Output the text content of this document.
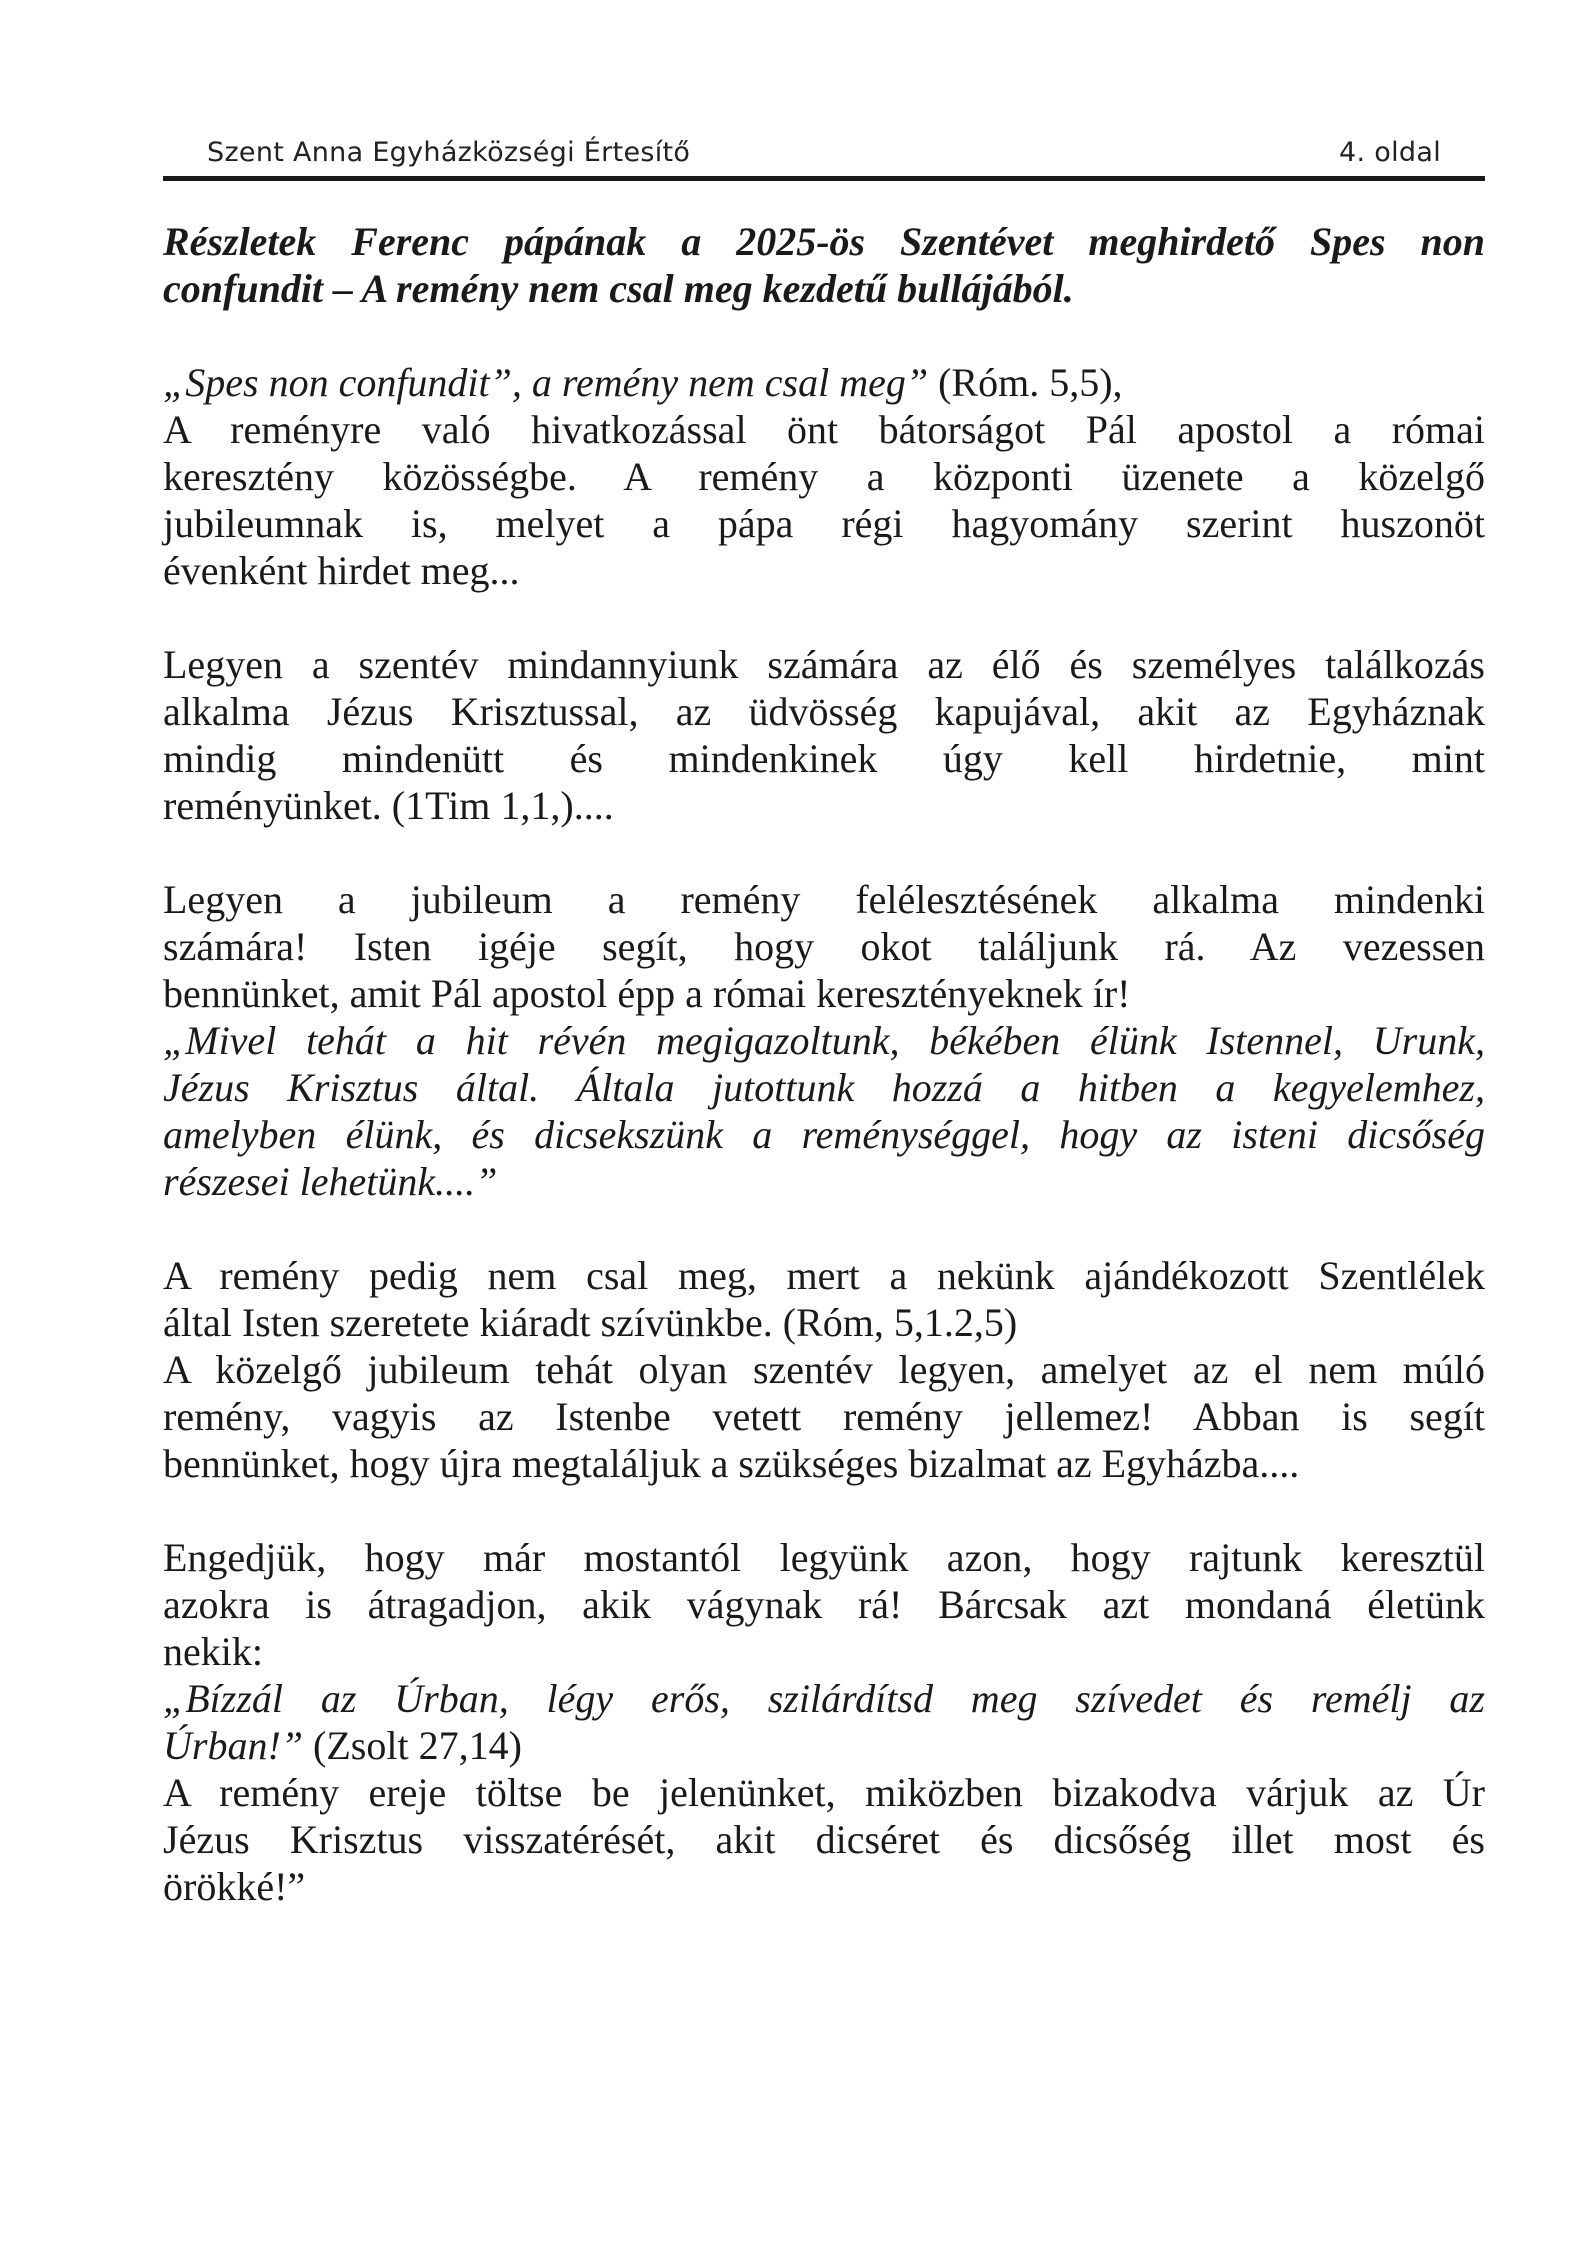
Szent Anna Egyházközségi Értesítő	4. oldal
Részletek Ferenc pápának a 2025-ös Szentévet meghirdető Spes non
confundit – A remény nem csal meg kezdetű bullájából.
„Spes non confundit”, a remény nem csal meg” (Róm. 5,5),
A reményre való hivatkozással önt bátorságot Pál apostol a római
keresztény közösségbe. A remény a központi üzenete a közelgő
jubileumnak is, melyet a pápa régi hagyomány szerint huszonöt
évenként hirdet meg...
Legyen a szentév mindannyiunk számára az élő és személyes találkozás
alkalma Jézus Krisztussal, az üdvösség kapujával, akit az Egyháznak
mindig mindenütt és mindenkinek úgy kell hirdetnie, mint
reményünket. (1Tim 1,1,)....
Legyen a jubileum a remény felélesztésének alkalma mindenki
számára! Isten igéje segít, hogy okot találjunk rá. Az vezessen
bennünket, amit Pál apostol épp a római keresztényeknek ír!
„Mivel tehát a hit révén megigazoltunk, békében élünk Istennel, Urunk,
Jézus Krisztus által. Általa jutottunk hozzá a hitben a kegyelemhez,
amelyben élünk, és dicsekszünk a reménységgel, hogy az isteni dicsőség
részesei lehetünk....”
A remény pedig nem csal meg, mert a nekünk ajándékozott Szentlélek
által Isten szeretete kiáradt szívünkbe. (Róm, 5,1.2,5)
A közelgő jubileum tehát olyan szentév legyen, amelyet az el nem múló
remény, vagyis az Istenbe vetett remény jellemez! Abban is segít
bennünket, hogy újra megtaláljuk a szükséges bizalmat az Egyházba....
Engedjük, hogy már mostantól legyünk azon, hogy rajtunk keresztül
azokra is átragadjon, akik vágynak rá! Bárcsak azt mondaná életünk
nekik:
„Bízzál az Úrban, légy erős, szilárdítsd meg szívedet és remélj az
Úrban!” (Zsolt 27,14)
A remény ereje töltse be jelenünket, miközben bizakodva várjuk az Úr
Jézus Krisztus visszatérését, akit dicséret és dicsőség illet most és
örökké!”
